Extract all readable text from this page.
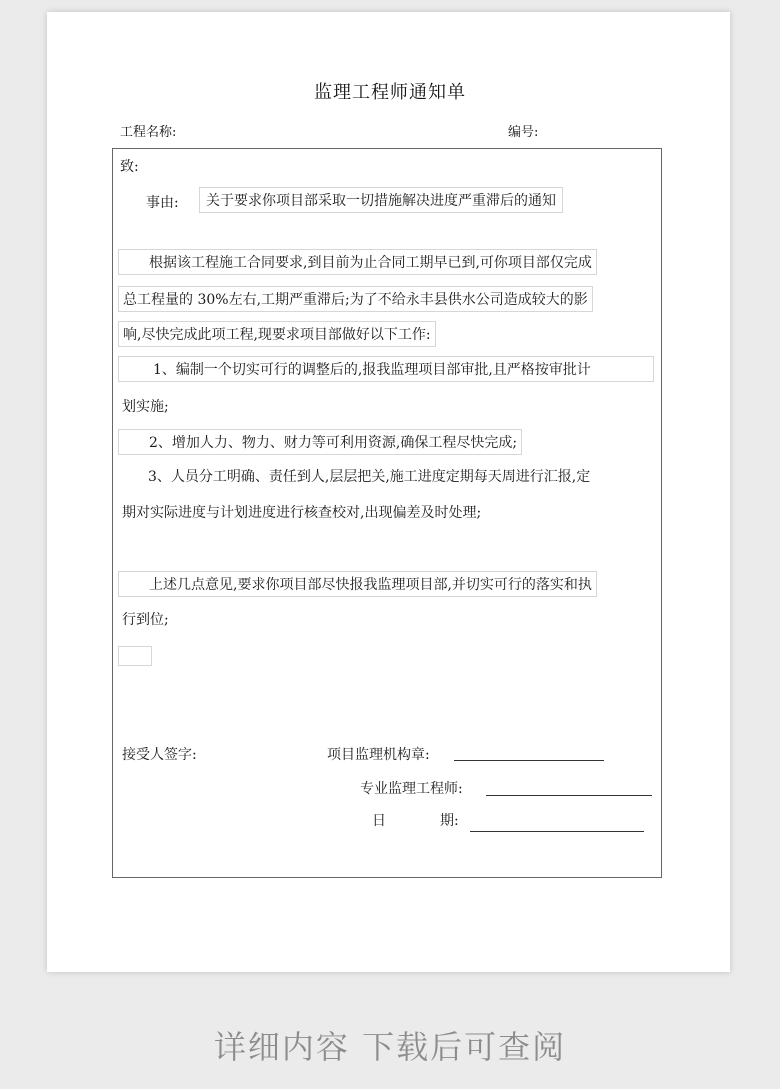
监理工程师通知单
工程名称:	编号:
致:
事由:	关于要求你项目部采取一切措施解决进度严重滞后的通知
根据该工程施工合同要求,到目前为止合同工期早已到,可你项目部仅完成
总工程量的 30%左右,工期严重滞后;为了不给永丰县供水公司造成较大的影
响,尽快完成此项工程,现要求项目部做好以下工作:
1、编制一个切实可行的调整后的,报我监理项目部审批,且严格按审批计
划实施;
2、增加人力、物力、财力等可利用资源,确保工程尽快完成;
3、人员分工明确、责任到人,层层把关,施工进度定期每天周进行汇报,定
期对实际进度与计划进度进行核查校对,出现偏差及时处理;
上述几点意见,要求你项目部尽快报我监理项目部,并切实可行的落实和执
行到位;
接受人签字:	项目监理机构章:
专业监理工程师:
日	期:
详细内容 下载后可查阅
